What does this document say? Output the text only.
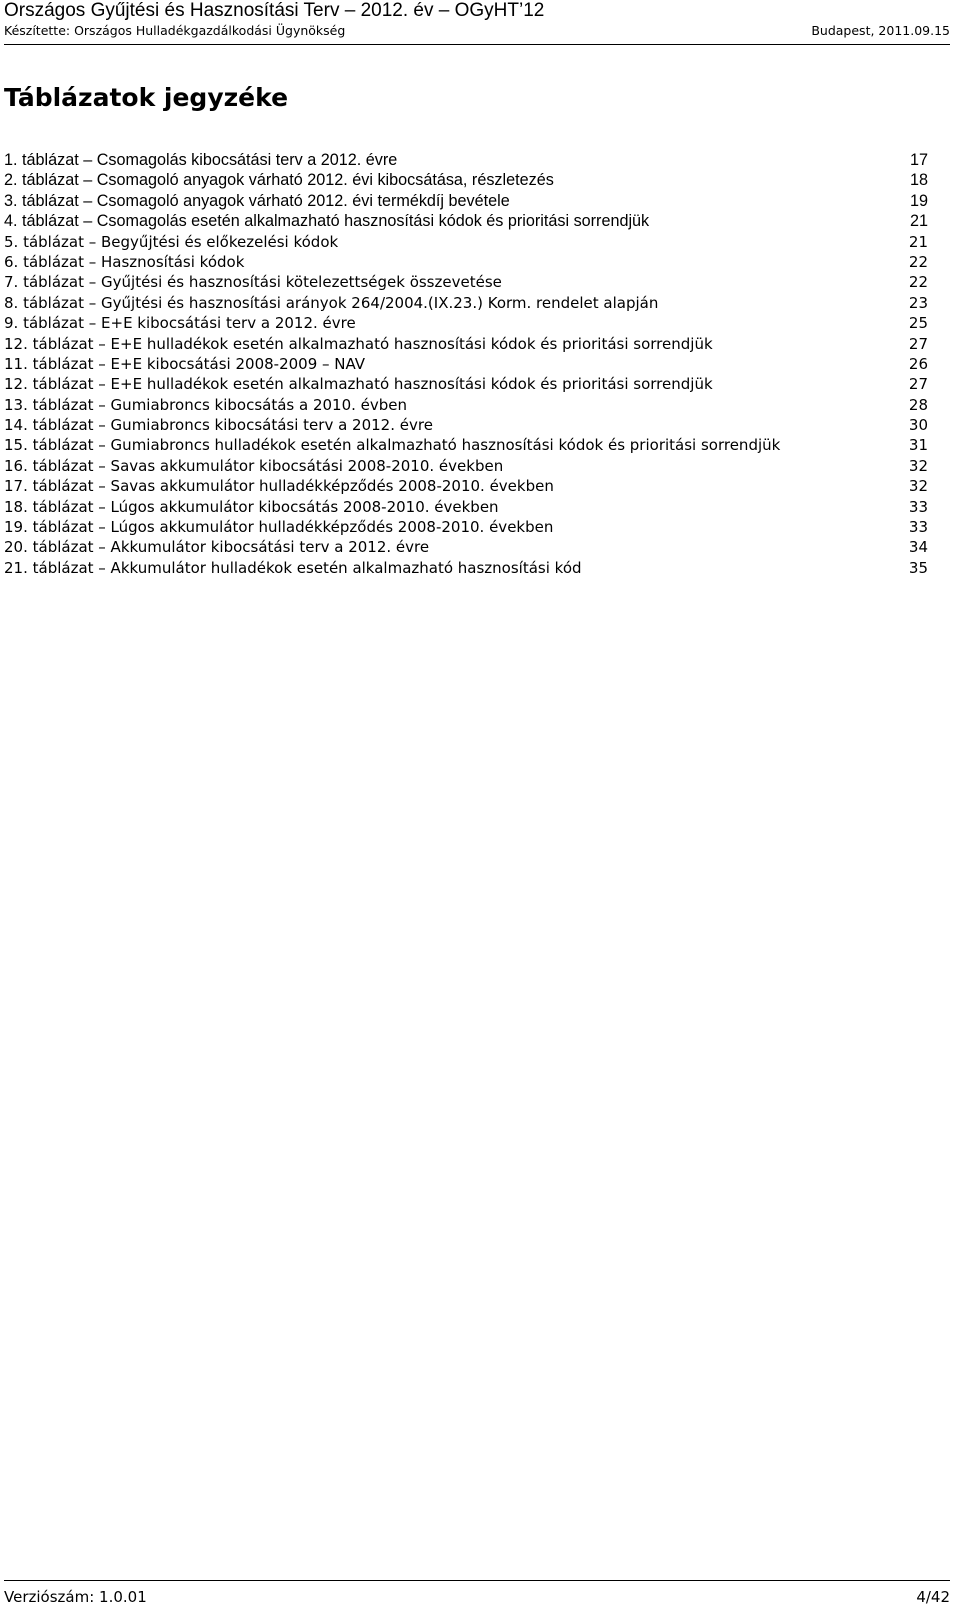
Országos Gyűjtési és Hasznosítási Terv – 2012. év – OGyHT’12
Készítette: Országos Hulladékgazdálkodási Ügynökség	Budapest, 2011.09.15
Táblázatok jegyzéke
1. táblázat – Csomagolás kibocsátási terv a 2012. évre	17
2. táblázat – Csomagoló anyagok várható 2012. évi kibocsátása, részletezés	18
3. táblázat – Csomagoló anyagok várható 2012. évi termékdíj bevétele	19
4. táblázat – Csomagolás esetén alkalmazható hasznosítási kódok és prioritási sorrendjük	21
5. táblázat – Begyűjtési és előkezelési kódok	21
6. táblázat – Hasznosítási kódok	22
7. táblázat – Gyűjtési és hasznosítási kötelezettségek összevetése	22
8. táblázat – Gyűjtési és hasznosítási arányok 264/2004.(IX.23.) Korm. rendelet alapján	23
9. táblázat – E+E kibocsátási terv a 2012. évre	25
12. táblázat – E+E hulladékok esetén alkalmazható hasznosítási kódok és prioritási sorrendjük	27
11. táblázat – E+E kibocsátási 2008-2009 – NAV	26
12. táblázat – E+E hulladékok esetén alkalmazható hasznosítási kódok és prioritási sorrendjük	27
13. táblázat – Gumiabroncs kibocsátás a 2010. évben	28
14. táblázat – Gumiabroncs kibocsátási terv a 2012. évre	30
15. táblázat – Gumiabroncs hulladékok esetén alkalmazható hasznosítási kódok és prioritási sorrendjük	31
16. táblázat – Savas akkumulátor kibocsátási 2008-2010. években	32
17. táblázat – Savas akkumulátor hulladékképződés 2008-2010. években	32
18. táblázat – Lúgos akkumulátor kibocsátás 2008-2010. években	33
19. táblázat – Lúgos akkumulátor hulladékképződés 2008-2010. években	33
20. táblázat – Akkumulátor kibocsátási terv a 2012. évre	34
21. táblázat – Akkumulátor hulladékok esetén alkalmazható hasznosítási kód	35
Verziószám: 1.0.01	4/42
